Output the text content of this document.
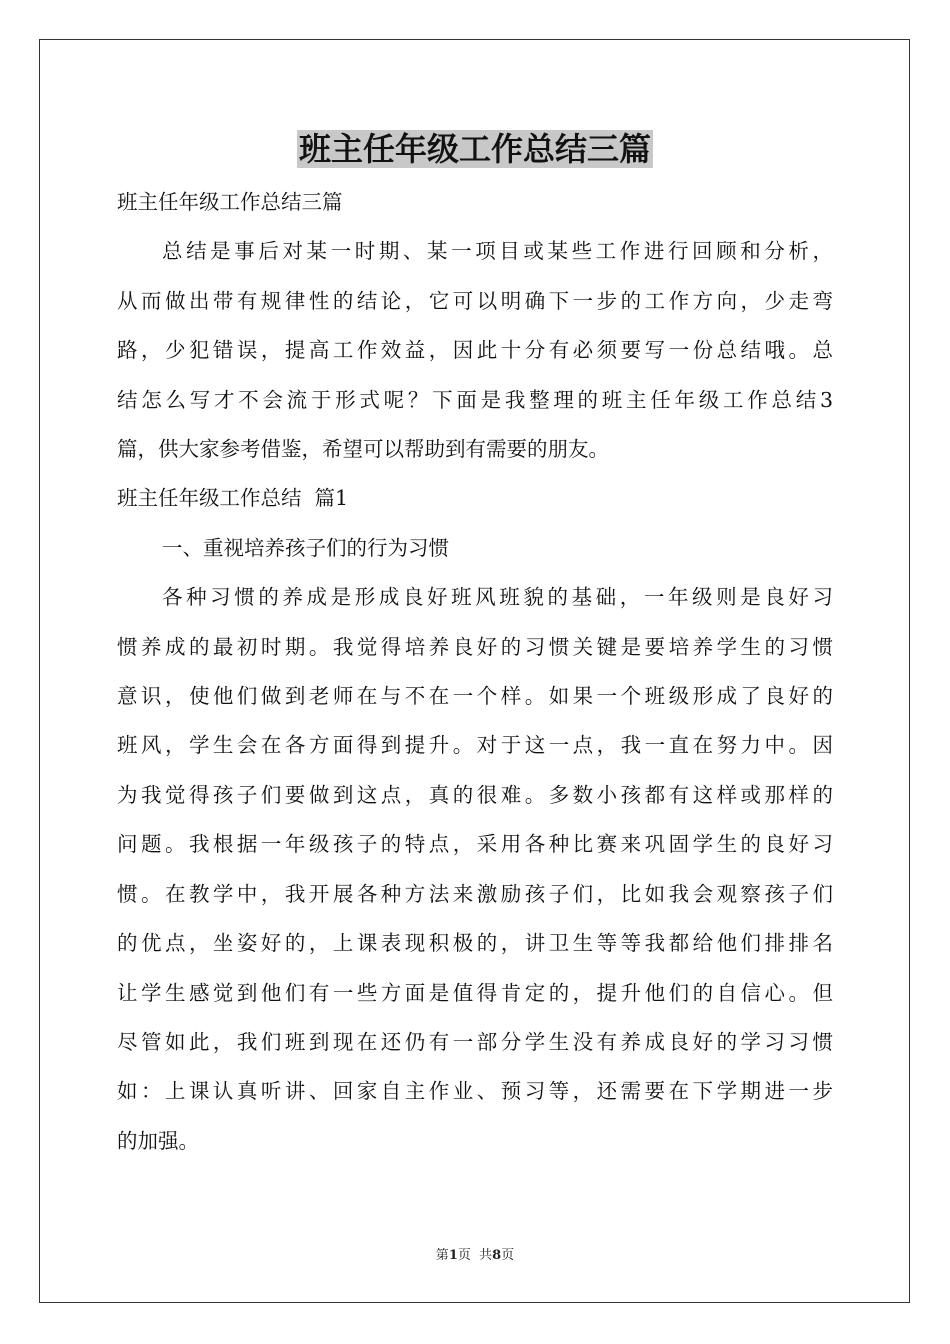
班主任年级工作总结三篇

班主任年级工作总结三篇

总结是事后对某一时期、某一项目或某些工作进行回顾和分析，

从而做出带有规律性的结论，它可以明确下一步的工作方向，少走弯

路，少犯错误，提高工作效益，因此十分有必须要写一份总结哦。总

结怎么写才不会流于形式呢？下面是我整理的班主任年级工作总结3

篇，供大家参考借鉴，希望可以帮助到有需要的朋友。

班主任年级工作总结  篇1

一、重视培养孩子们的行为习惯

各种习惯的养成是形成良好班风班貌的基础，一年级则是良好习

惯养成的最初时期。我觉得培养良好的习惯关键是要培养学生的习惯

意识，使他们做到老师在与不在一个样。如果一个班级形成了良好的

班风，学生会在各方面得到提升。对于这一点，我一直在努力中。因

为我觉得孩子们要做到这点，真的很难。多数小孩都有这样或那样的

问题。我根据一年级孩子的特点，采用各种比赛来巩固学生的良好习

惯。在教学中，我开展各种方法来激励孩子们，比如我会观察孩子们

的优点，坐姿好的，上课表现积极的，讲卫生等等我都给他们排排名

让学生感觉到他们有一些方面是值得肯定的，提升他们的自信心。但

尽管如此，我们班到现在还仍有一部分学生没有养成良好的学习习惯

如：上课认真听讲、回家自主作业、预习等，还需要在下学期进一步

的加强。

第1页  共8页
